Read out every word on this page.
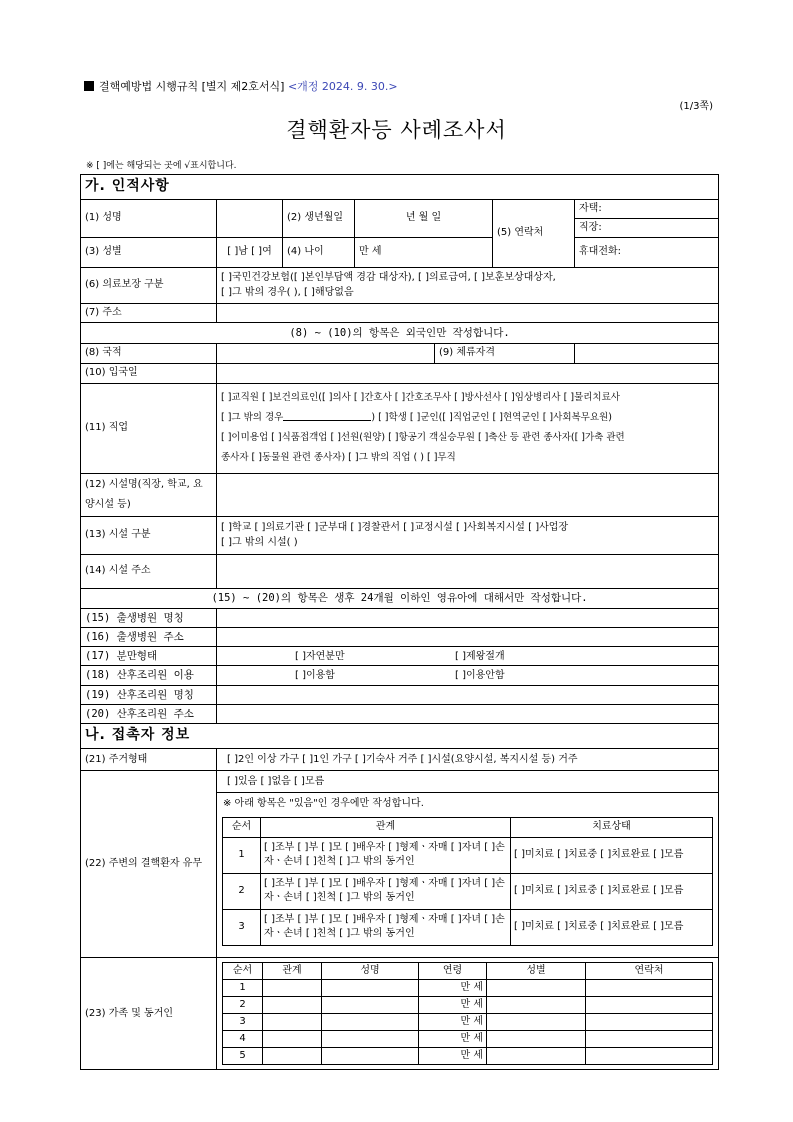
결핵예방법 시행규칙 [별지 제2호서식] <개정 2024. 9. 30.>
(1/3쪽)
결핵환자등 사례조사서
※ [ ]에는 해당되는 곳에 √표시합니다.
가. 인적사항
(1) 성명		(2) 생년월일	년 월 일	(5) 연락처	자택:
직장:
(3) 성별	[ ]남 [ ]여	(4) 나이	만 세	휴대전화:

(6) 의료보장 구분	
[ ]국민건강보험([ ]본인부담액 경감 대상자), [ ]의료급여, [ ]보훈보상대상자,
[ ]그 밖의 경우( ), [ ]해당없음

(7) 주소	
(8) ~ (10)의 항목은 외국인만 작성합니다.
(8) 국적		(9) 체류자격	
(10) 입국일	
(11) 직업	
[ ]교직원 [ ]보건의료인([ ]의사 [ ]간호사 [ ]간호조무사 [ ]방사선사 [ ]임상병리사 [ ]물리치료사
[ ]그 밖의 경우	) [ ]학생 [ ]군인([ ]직업군인 [ ]현역군인 [ ]사회복무요원)
[ ]이미용업 [ ]식품접객업 [ ]선원(원양) [ ]항공기 객실승무원 [ ]축산 등 관련 종사자([ ]가축 관련
종사자 [ ]동물원 관련 종사자) [ ]그 밖의 직업 ( ) [ ]무직

(12) 시설명(직장, 학교, 요양시설 등)	
(13) 시설 구분	
[ ]학교 [ ]의료기관 [ ]군부대 [ ]경찰관서 [ ]교정시설 [ ]사회복지시설 [ ]사업장
[ ]그 밖의 시설( )

(14) 시설 주소	
(15) ~ (20)의 항목은 생후 24개월 이하인 영유아에 대해서만 작성합니다.
(15) 출생병원 명칭	
(16) 출생병원 주소	
(17) 분만형태	[ ]자연분만	[ ]제왕절개
(18) 산후조리원 이용	[ ]이용함	[ ]이용안함
(19) 산후조리원 명칭	
(20) 산후조리원 주소	
나. 접촉자 정보
(21) 주거형태	[ ]2인 이상 가구 [ ]1인 가구 [ ]기숙사 거주 [ ]시설(요양시설, 복지시설 등) 거주
(22) 주변의 결핵환자 유무	
[ ]있음 [ ]없음 [ ]모름
※ 아래 항목은 "있음"인 경우에만 작성합니다.
순서	관계	치료상태
1	[ ]조부 [ ]부 [ ]모 [ ]배우자 [ ]형제ㆍ자매 [ ]자녀 [ ]손자ㆍ손녀 [ ]친척 [ ]그 밖의 동거인	[ ]미치료 [ ]치료중 [ ]치료완료 [ ]모름
2	[ ]조부 [ ]부 [ ]모 [ ]배우자 [ ]형제ㆍ자매 [ ]자녀 [ ]손자ㆍ손녀 [ ]친척 [ ]그 밖의 동거인	[ ]미치료 [ ]치료중 [ ]치료완료 [ ]모름
3	[ ]조부 [ ]부 [ ]모 [ ]배우자 [ ]형제ㆍ자매 [ ]자녀 [ ]손자ㆍ손녀 [ ]친척 [ ]그 밖의 동거인	[ ]미치료 [ ]치료중 [ ]치료완료 [ ]모름

(23) 가족 및 동거인	
순서	관계	성명	연령	성별	연락처
1			만 세		
2			만 세		
3			만 세		
4			만 세		
5			만 세		
